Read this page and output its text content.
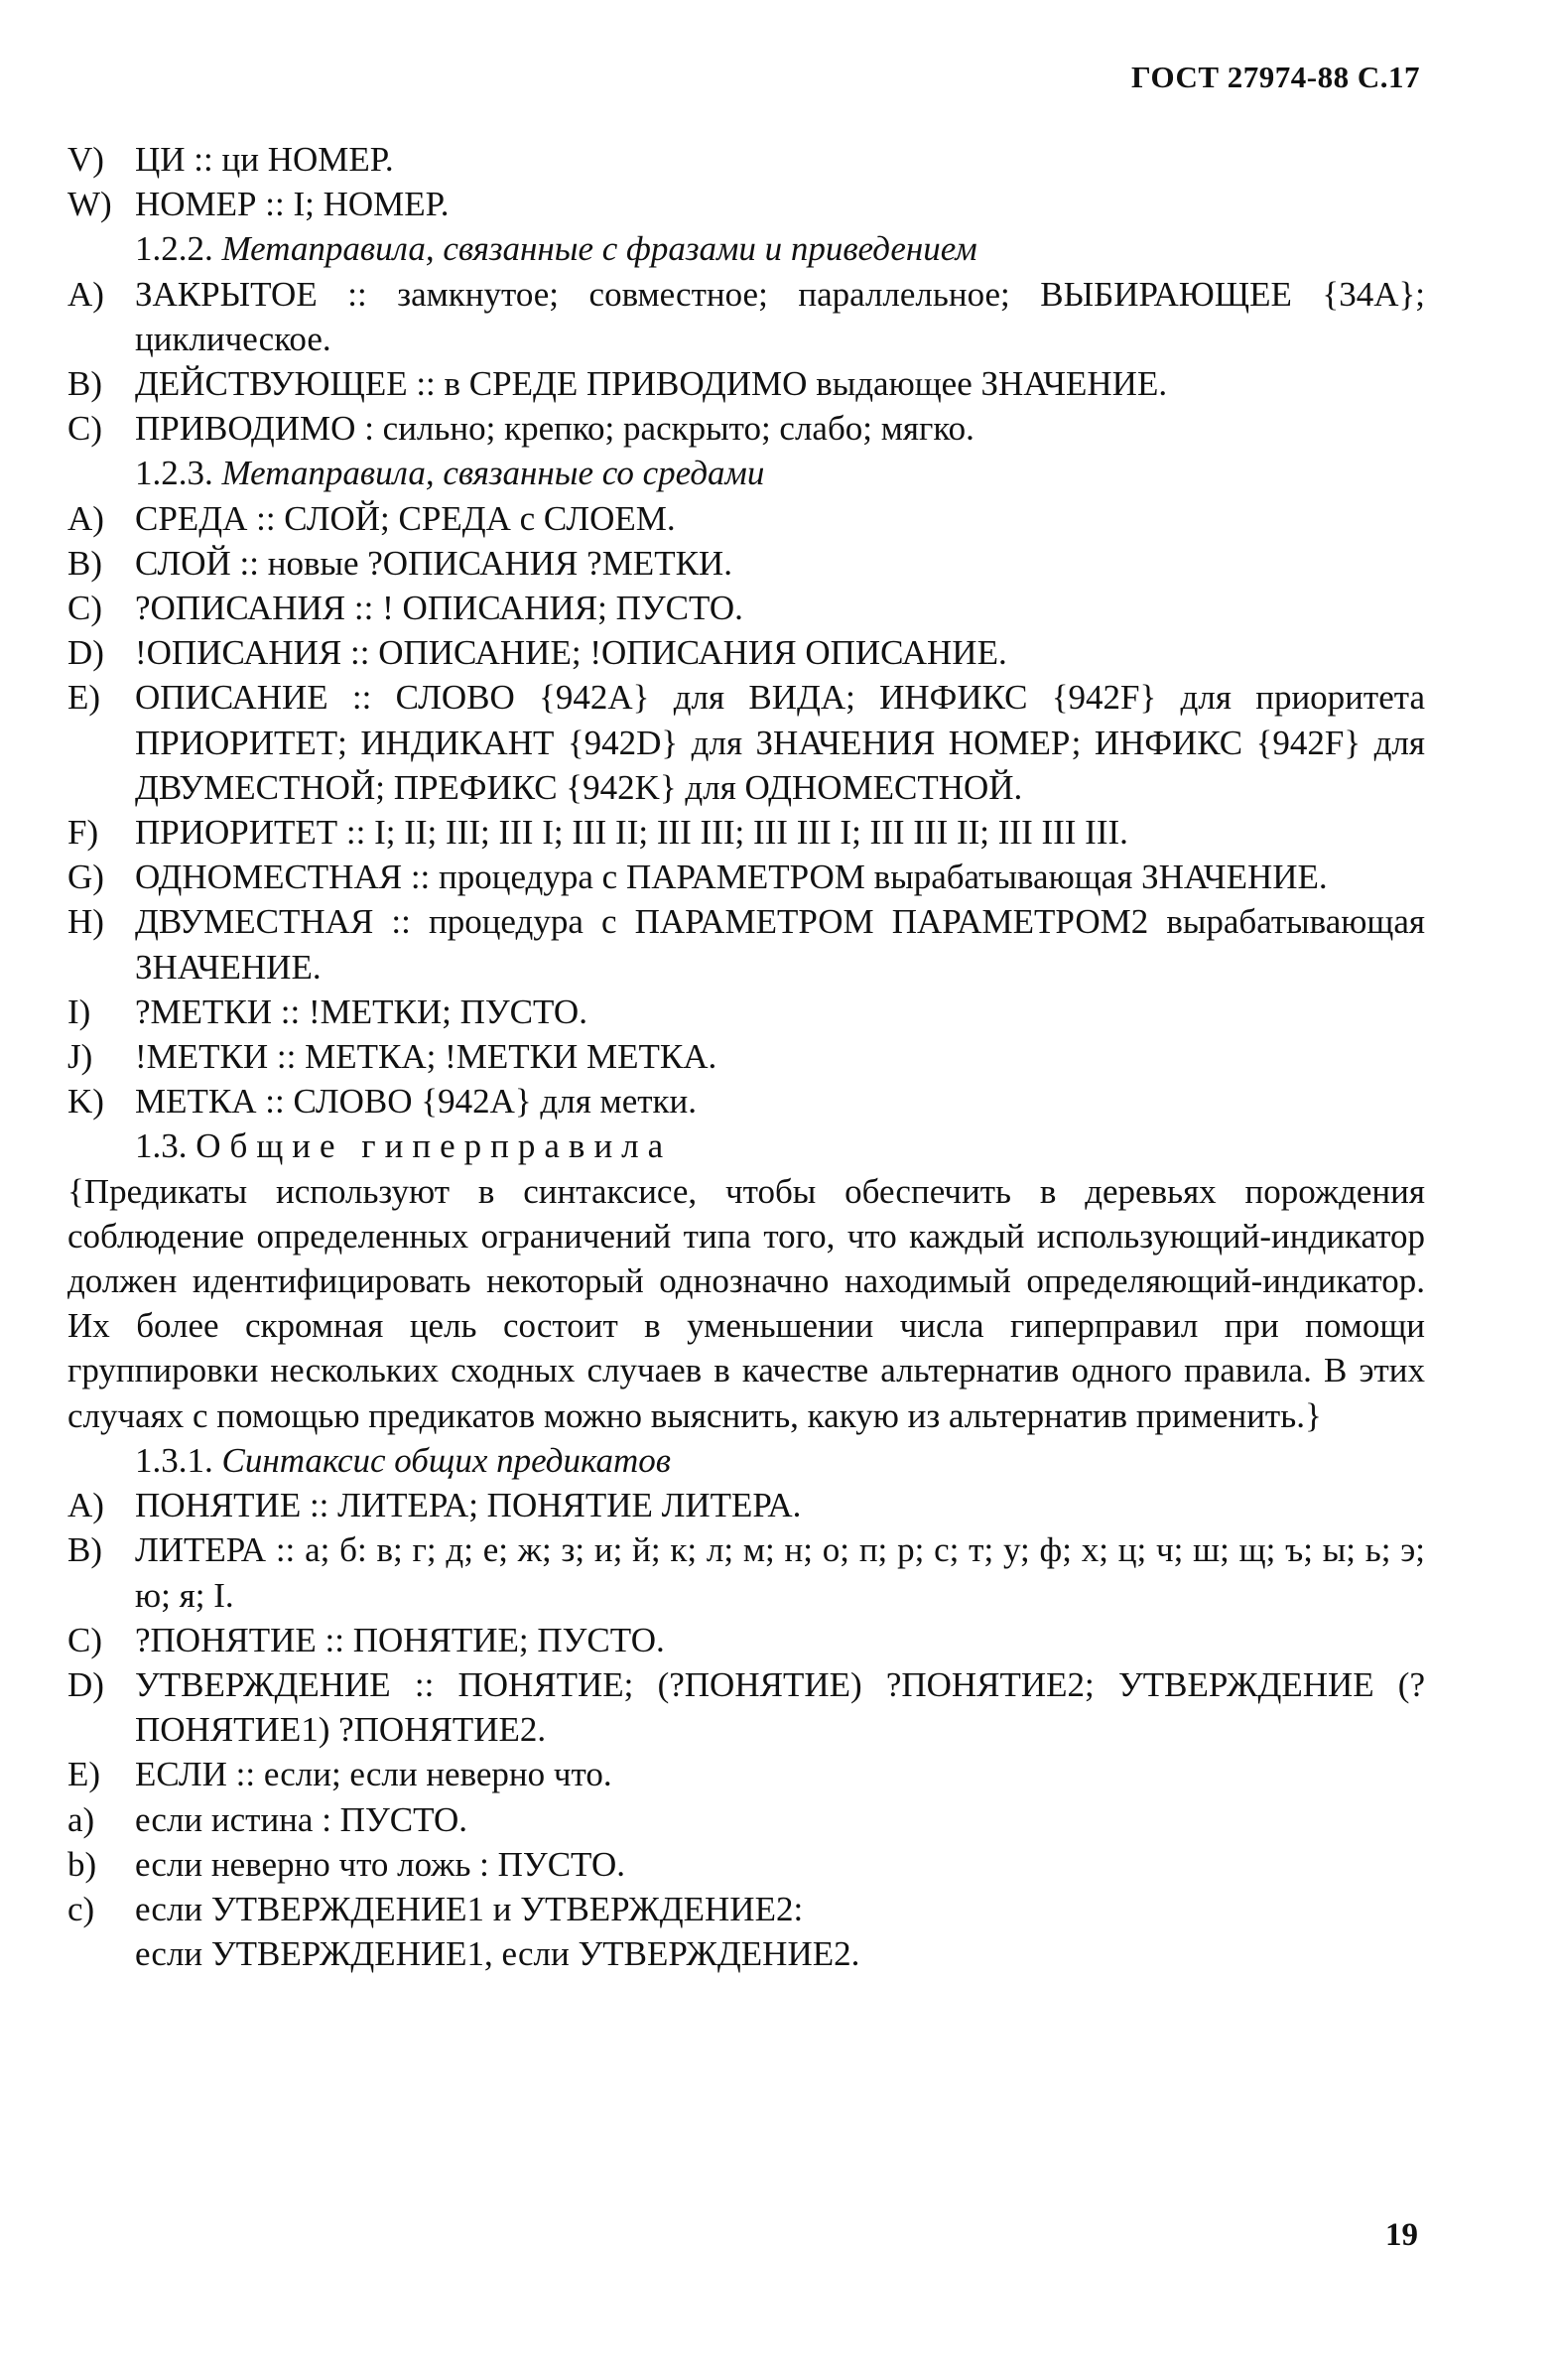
ГОСТ 27974-88 С.17
V) ЦИ :: ци НОМЕР.
W) НОМЕР :: I; НОМЕР.
1.2.2. Метаправила, связанные с фразами и приведением
A) ЗАКРЫТОЕ :: замкнутое; совместное; параллельное; ВЫБИРАЮЩЕЕ {34A}; циклическое.
B) ДЕЙСТВУЮЩЕЕ :: в СРЕДЕ ПРИВОДИМО выдающее ЗНАЧЕНИЕ.
C) ПРИВОДИМО : сильно; крепко; раскрыто; слабо; мягко.
1.2.3. Метаправила, связанные со средами
A) СРЕДА :: СЛОЙ; СРЕДА с СЛОЕМ.
B) СЛОЙ :: новые ?ОПИСАНИЯ ?МЕТКИ.
C) ?ОПИСАНИЯ :: ! ОПИСАНИЯ; ПУСТО.
D) !ОПИСАНИЯ :: ОПИСАНИЕ; !ОПИСАНИЯ ОПИСАНИЕ.
E) ОПИСАНИЕ :: СЛОВО {942A} для ВИДА; ИНФИКС {942F} для приоритета ПРИОРИТЕТ; ИНДИКАНТ {942D} для ЗНАЧЕНИЯ НОМЕР; ИНФИКС {942F} для ДВУМЕСТНОЙ; ПРЕФИКС {942K} для ОДНОМЕСТНОЙ.
F)	ПРИОРИТЕТ :: I; II; III; III I; III II; III III; III III I; III III II; III III III.
G) ОДНОМЕСТНАЯ :: процедура с ПАРАМЕТРОМ вырабатывающая ЗНАЧЕНИЕ.
H) ДВУМЕСТНАЯ :: процедура с ПАРАМЕТРОМ ПАРАМЕТРОМ2 вырабатывающая ЗНАЧЕНИЕ.
I)	?МЕТКИ :: !МЕТКИ; ПУСТО.
J)	!МЕТКИ :: МЕТКА; !МЕТКИ МЕТКА.
K) МЕТКА :: СЛОВО {942A} для метки.
1.3. Общие гиперправила
{Предикаты используют в синтаксисе, чтобы обеспечить в деревьях порождения соблюдение определенных ограничений типа того, что каждый использующий-индикатор должен идентифицировать некоторый однозначно находимый определяющий-индикатор. Их более скромная цель состоит в уменьшении числа гиперправил при помощи группировки нескольких сходных случаев в качестве альтернатив одного правила. В этих случаях с помощью предикатов можно выяснить, какую из альтернатив применить.}
1.3.1. Синтаксис общих предикатов
A) ПОНЯТИЕ :: ЛИТЕРА; ПОНЯТИЕ ЛИТЕРА.
B) ЛИТЕРА :: а; б: в; г; д; е; ж; з; и; й; к; л; м; н; о; п; р; с; т; у; ф; х; ц; ч; ш; щ; ъ; ы; ь; э; ю; я; I.
C) ?ПОНЯТИЕ :: ПОНЯТИЕ; ПУСТО.
D) УТВЕРЖДЕНИЕ :: ПОНЯТИЕ; (?ПОНЯТИЕ) ?ПОНЯТИЕ2; УТВЕРЖДЕНИЕ (?ПОНЯТИЕ1) ?ПОНЯТИЕ2.
E) ЕСЛИ :: если; если неверно что.
a)	если истина : ПУСТО.
b)	если неверно что ложь : ПУСТО.
c)	если УТВЕРЖДЕНИЕ1 и УТВЕРЖДЕНИЕ2:
если УТВЕРЖДЕНИЕ1, если УТВЕРЖДЕНИЕ2.
19
